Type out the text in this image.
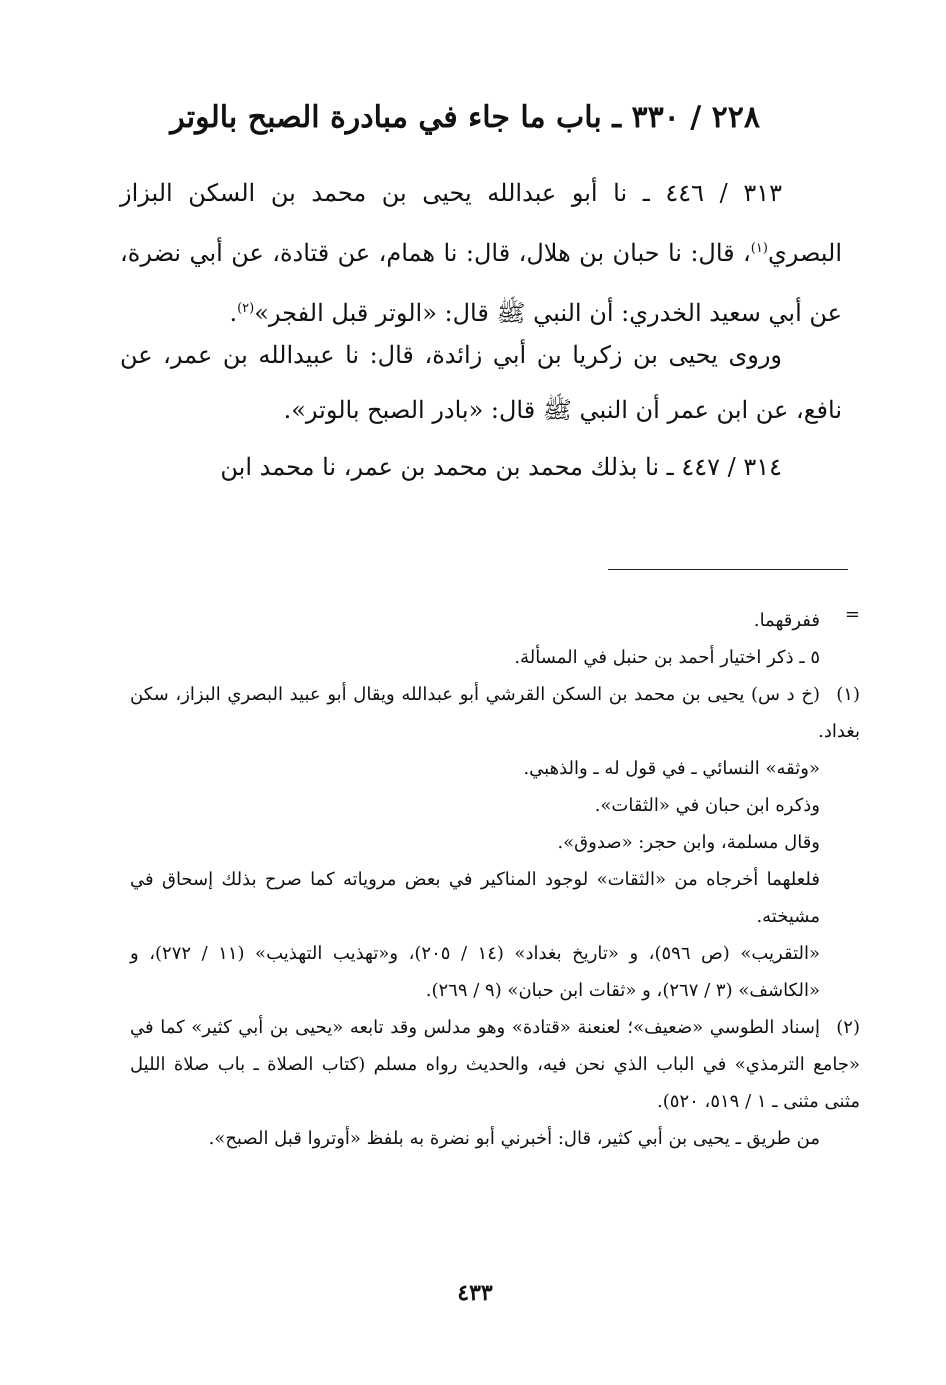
٢٢٨ / ٣٣٠ ـ باب ما جاء في مبادرة الصبح بالوتر

٣١٣ / ٤٤٦ ـ نا أبو عبدالله يحيى بن محمد بن السكن البزاز البصري$^{(١)}$، قال: نا حبان بن هلال، قال: نا همام، عن قتادة، عن أبي نضرة، عن أبي سعيد الخدري: أن النبي ﷺ قال: «الوتر قبل الفجر»$^{(٢)}$.

وروى يحيى بن زكريا بن أبي زائدة، قال: نا عبيدالله بن عمر، عن نافع، عن ابن عمر أن النبي ﷺ قال: «بادر الصبح بالوتر».

٣١٤ / ٤٤٧ ـ نا بذلك محمد بن محمد بن عمر، نا محمد ابن

=

ففرقهما.

٥ ـ ذكر اختيار أحمد بن حنبل في المسألة.

(١)(خ د س) يحيى بن محمد بن السكن القرشي أبو عبدالله ويقال أبو عبيد البصري البزاز، سكن بغداد.

«وثقه» النسائي ـ في قول له ـ والذهبي.

وذكره ابن حبان في «الثقات».

وقال مسلمة، وابن حجر: «صدوق».

فلعلهما أخرجاه من «الثقات» لوجود المناكير في بعض مروياته كما صرح بذلك إسحاق في مشيخته.

«التقريب» (ص ٥٩٦)، و «تاريخ بغداد» (١٤ / ٢٠٥)، و«تهذيب التهذيب» (١١ / ٢٧٢)، و «الكاشف» (٣ / ٢٦٧)، و «ثقات ابن حبان» (٩ / ٢٦٩).

(٢)إسناد الطوسي «ضعيف»؛ لعنعنة «قتادة» وهو مدلس وقد تابعه «يحيى بن أبي كثير» كما في «جامع الترمذي» في الباب الذي نحن فيه، والحديث رواه مسلم (كتاب الصلاة ـ باب صلاة الليل مثنى مثنى ـ ١ / ٥١٩، ٥٢٠).

من طريق ـ يحيى بن أبي كثير، قال: أخبرني أبو نضرة به بلفظ «أوتروا قبل الصبح».

٤٣٣
